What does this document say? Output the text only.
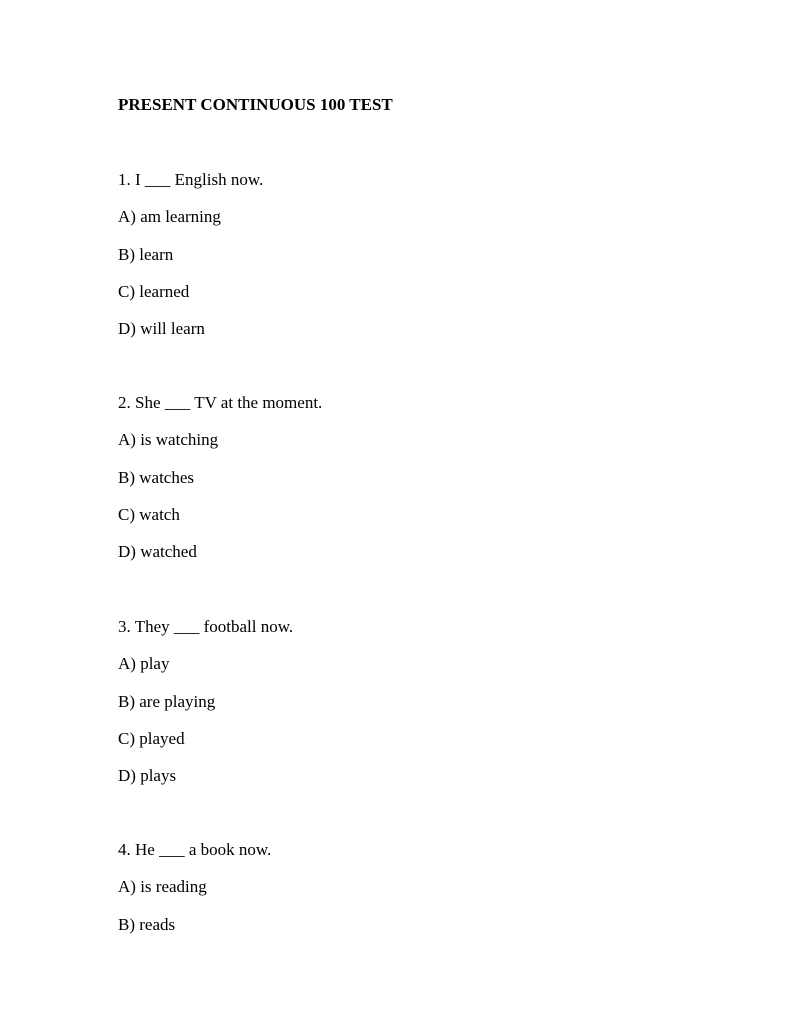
PRESENT CONTINUOUS 100 TEST
1. I ___ English now.
A) am learning
B) learn
C) learned
D) will learn
2. She ___ TV at the moment.
A) is watching
B) watches
C) watch
D) watched
3. They ___ football now.
A) play
B) are playing
C) played
D) plays
4. He ___ a book now.
A) is reading
B) reads
